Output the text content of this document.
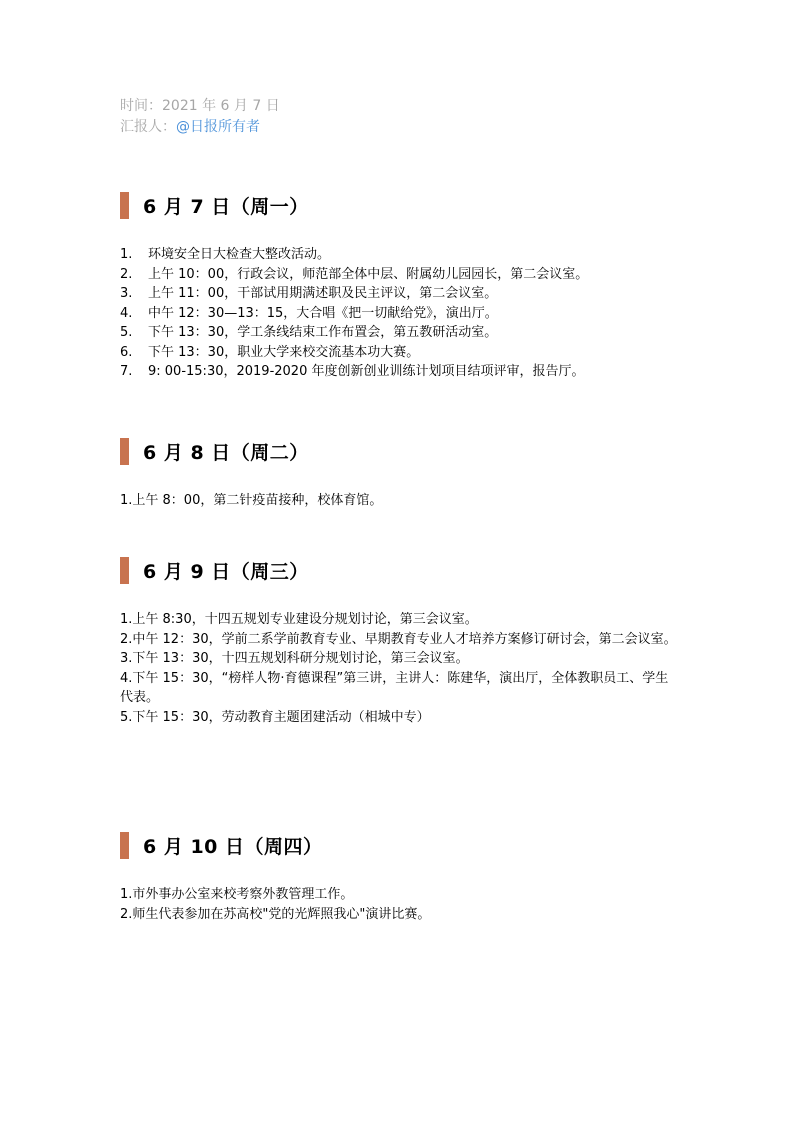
时间：2021 年 6 月 7 日
汇报人：@日报所有者
6 月 7 日（周一）
1.	环境安全日大检查大整改活动。
2.	上午 10：00，行政会议，师范部全体中层、附属幼儿园园长，第二会议室。
3.	上午 11：00，干部试用期满述职及民主评议，第二会议室。
4.	中午 12：30—13：15，大合唱《把一切献给党》，演出厅。
5.	下午 13：30，学工条线结束工作布置会，第五教研活动室。
6.	下午 13：30，职业大学来校交流基本功大赛。
7.	9: 00-15:30，2019-2020 年度创新创业训练计划项目结项评审，报告厅。
6 月 8 日（周二）
1.上午 8：00，第二针疫苗接种，校体育馆。
6 月 9 日（周三）
1.上午 8:30，十四五规划专业建设分规划讨论，第三会议室。
2.中午 12：30，学前二系学前教育专业、早期教育专业人才培养方案修订研讨会，第二会议室。
3.下午 13：30，十四五规划科研分规划讨论，第三会议室。
4.下午 15：30，“榜样人物·育德课程”第三讲，主讲人：陈建华，演出厅，全体教职员工、学生代表。
5.下午 15：30，劳动教育主题团建活动（相城中专）
6 月 10 日（周四）
1.市外事办公室来校考察外教管理工作。
2.师生代表参加在苏高校"党的光辉照我心"演讲比赛。
